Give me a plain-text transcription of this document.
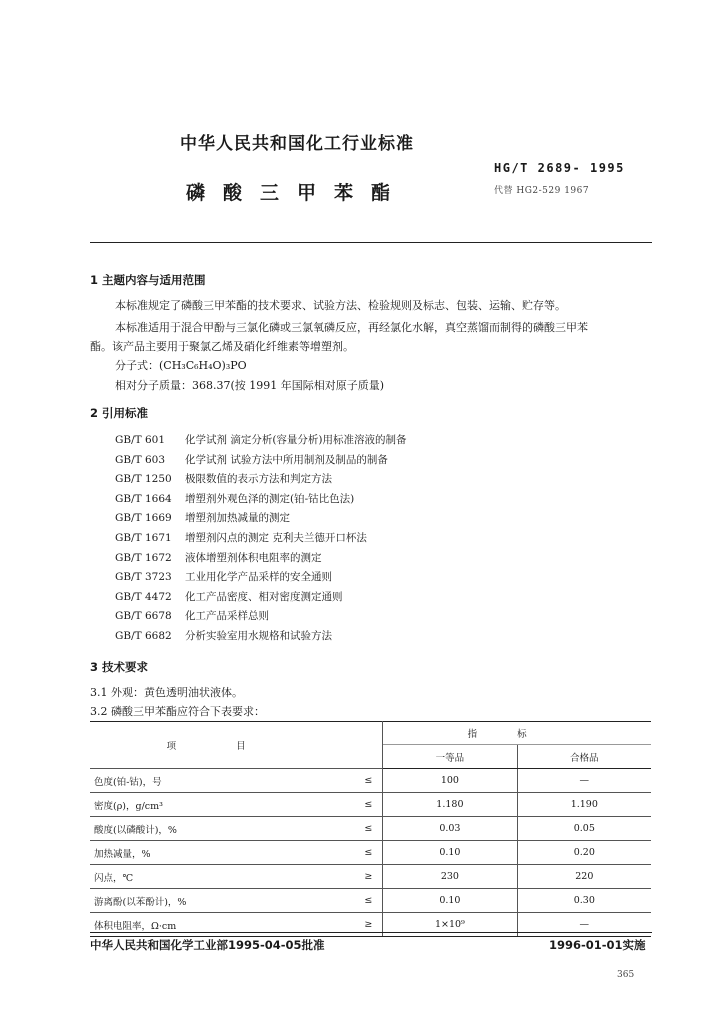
中华人民共和国化工行业标准
磷酸三甲苯酯
HG/T 2689- 1995
代替 HG2-529 1967
1 主题内容与适用范围
本标准规定了磷酸三甲苯酯的技术要求、试验方法、检验规则及标志、包装、运输、贮存等。
本标准适用于混合甲酚与三氯化磷或三氯氧磷反应，再经氯化水解，真空蒸馏而制得的磷酸三甲苯
酯。该产品主要用于聚氯乙烯及硝化纤维素等增塑剂。
分子式：(CH₃C₆H₄O)₃PO
相对分子质量：368.37(按 1991 年国际相对原子质量)
2 引用标准
GB/T 601 化学试剂 滴定分析(容量分析)用标准溶液的制备
GB/T 603 化学试剂 试验方法中所用制剂及制品的制备
GB/T 1250 极限数值的表示方法和判定方法
GB/T 1664 增塑剂外观色泽的测定(铂-钴比色法)
GB/T 1669 增塑剂加热减量的测定
GB/T 1671 增塑剂闪点的测定 克利夫兰德开口杯法
GB/T 1672 液体增塑剂体积电阻率的测定
GB/T 3723 工业用化学产品采样的安全通则
GB/T 4472 化工产品密度、相对密度测定通则
GB/T 6678 化工产品采样总则
GB/T 6682 分析实验室用水规格和试验方法
3 技术要求
3.1 外观：黄色透明油状液体。
3.2 磷酸三甲苯酯应符合下表要求：
项目		指标	
		一等品	合格品
色度(铂-钴)，号	≤	100	—
密度(ρ)，g/cm³	≤	1.180	1.190
酸度(以磷酸计)，%	≤	0.03	0.05
加热减量，%	≤	0.10	0.20
闪点，℃	≥	230	220
游离酚(以苯酚计)，%	≤	0.10	0.30
体积电阻率，Ω·cm	≥	1×10⁹	—
中华人民共和国化学工业部1995-04-05批准	1996-01-01实施
365
